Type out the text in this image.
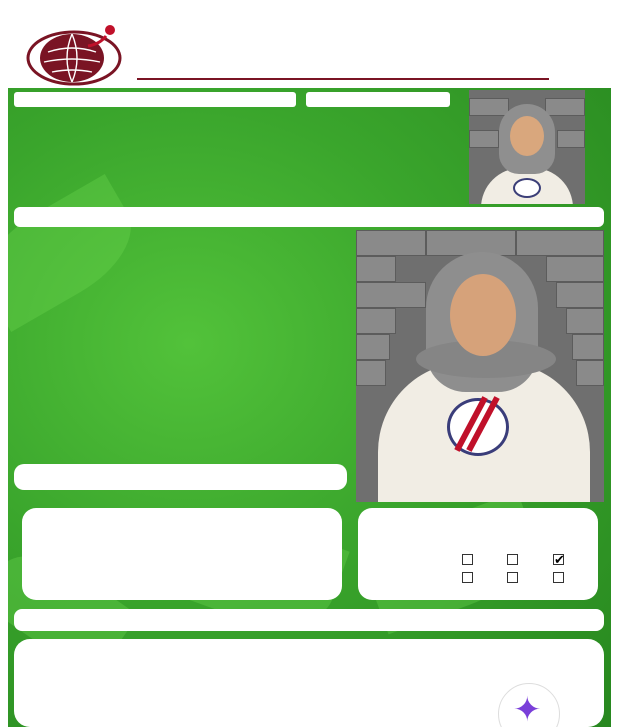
✔
✦
